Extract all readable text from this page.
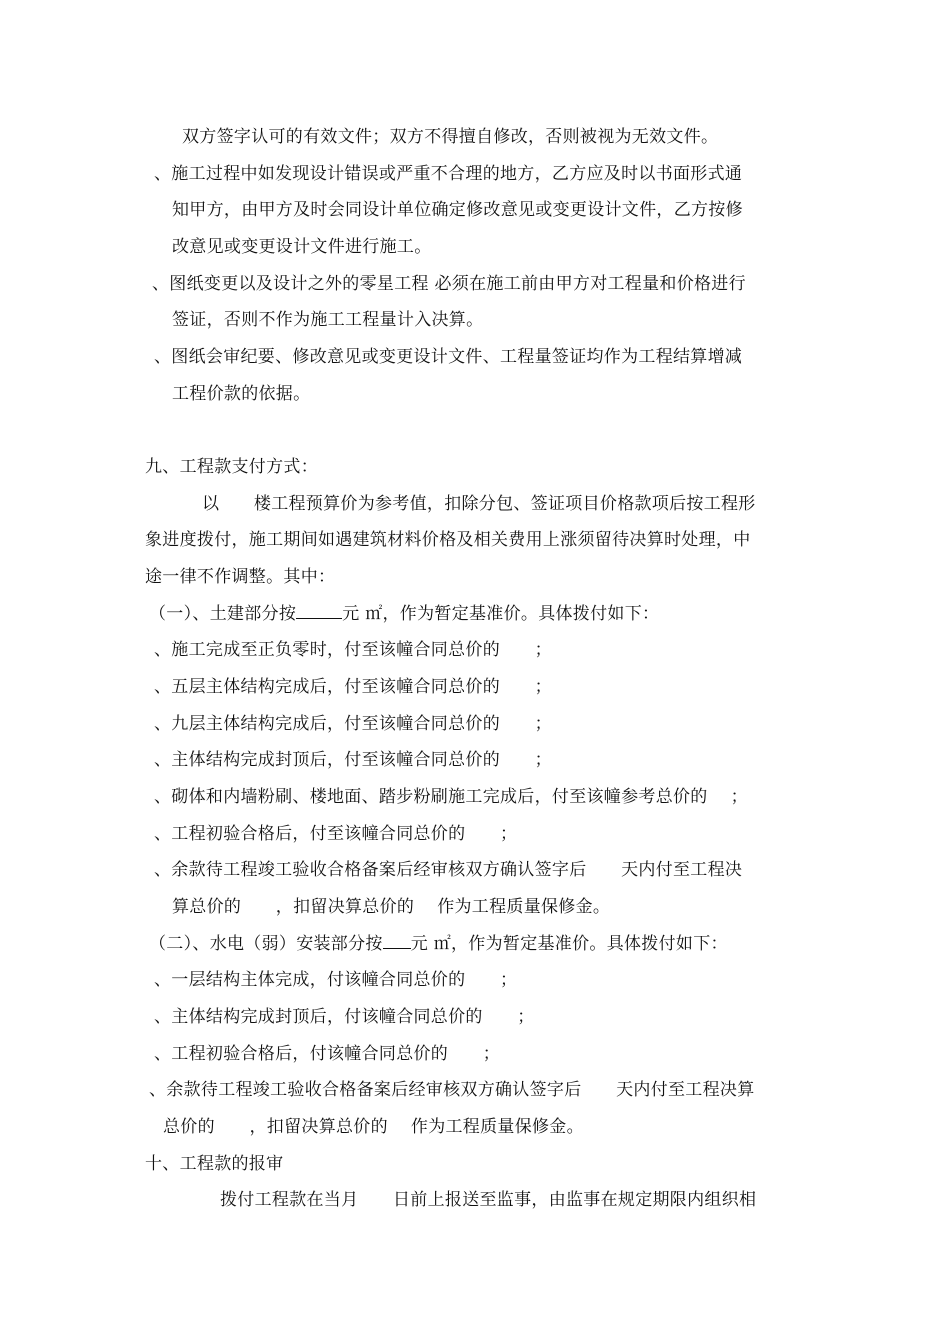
双方签字认可的有效文件；双方不得擅自修改，否则被视为无效文件。
、施工过程中如发现设计错误或严重不合理的地方，乙方应及时以书面形式通
知甲方，由甲方及时会同设计单位确定修改意见或变更设计文件，乙方按修
改意见或变更设计文件进行施工。
、图纸变更以及设计之外的零星工程 必须在施工前由甲方对工程量和价格进行
签证，否则不作为施工工程量计入决算。
、图纸会审纪要、修改意见或变更设计文件、工程量签证均作为工程结算增减
工程价款的依据。
九、工程款支付方式：
以　　楼工程预算价为参考值，扣除分包、签证项目价格款项后按工程形
象进度拨付，施工期间如遇建筑材料价格及相关费用上涨须留待决算时处理，中
途一律不作调整。其中：
（一）、土建部分按	元 ㎡，作为暂定基准价。具体拨付如下：
、施工完成至正负零时，付至该幢合同总价的　　；
、五层主体结构完成后，付至该幢合同总价的　　；
、九层主体结构完成后，付至该幢合同总价的　　；
、主体结构完成封顶后，付至该幢合同总价的　　；
、砌体和内墙粉刷、楼地面、踏步粉刷施工完成后，付至该幢参考总价的　 ；
、工程初验合格后，付至该幢合同总价的　　；
、余款待工程竣工验收合格备案后经审核双方确认签字后　　天内付至工程决
算总价的　　，扣留决算总价的　 作为工程质量保修金。
（二）、水电（弱）安装部分按 元 ㎡，作为暂定基准价。具体拨付如下：
、一层结构主体完成，付该幢合同总价的　　；
、主体结构完成封顶后，付该幢合同总价的　　；
、工程初验合格后，付该幢合同总价的　　；
、余款待工程竣工验收合格备案后经审核双方确认签字后　　天内付至工程决算
总价的　　，扣留决算总价的　 作为工程质量保修金。
十、工程款的报审
拨付工程款在当月　　日前上报送至监事，由监事在规定期限内组织相
